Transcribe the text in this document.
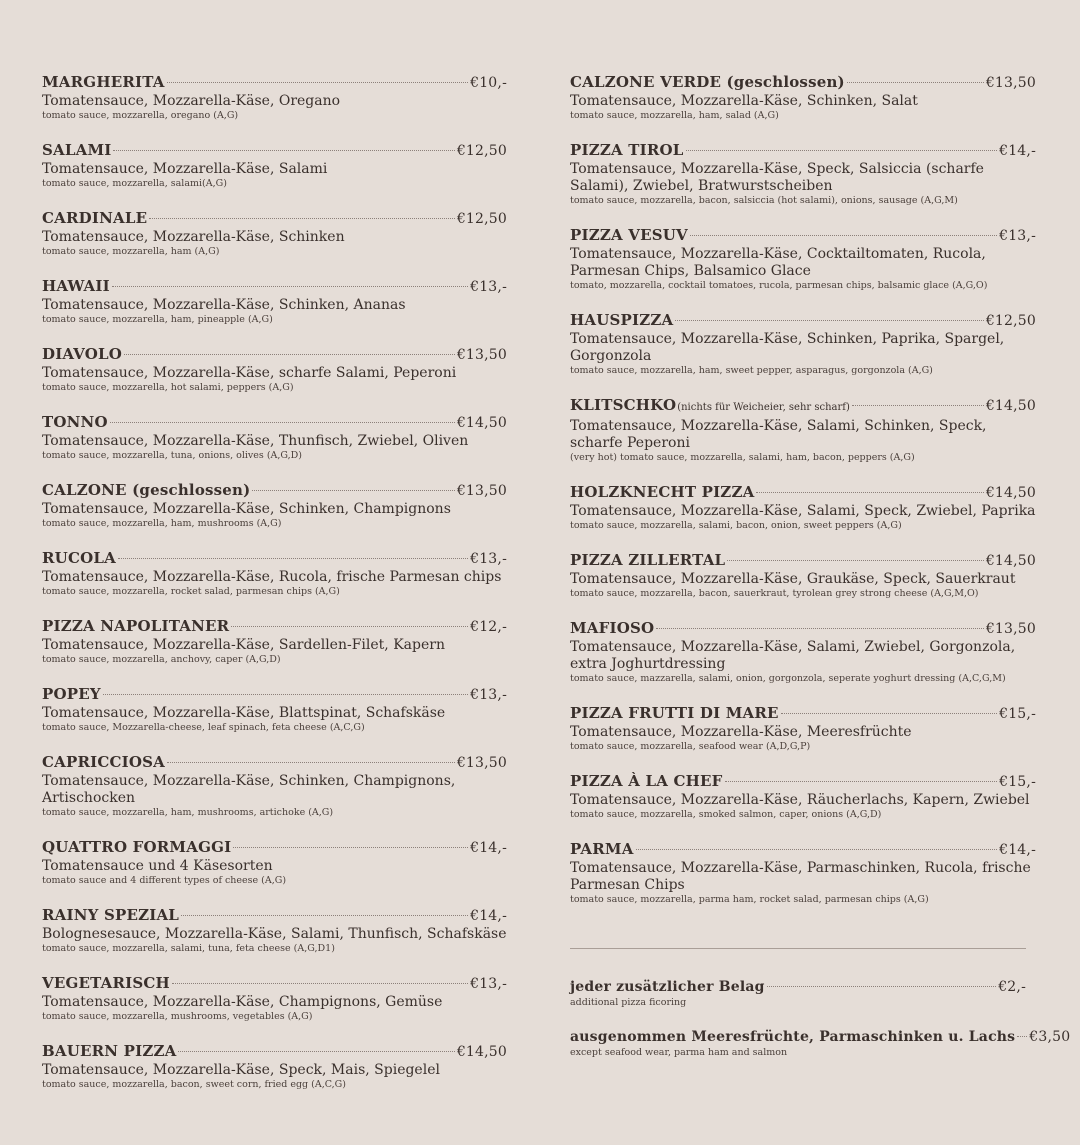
MARGHERITA	€10,-
Tomatensauce, Mozzarella-Käse, Oregano
tomato sauce, mozzarella, oregano (A,G)
SALAMI	€12,50
Tomatensauce, Mozzarella-Käse, Salami
tomato sauce, mozzarella, salami(A,G)
CARDINALE	€12,50
Tomatensauce, Mozzarella-Käse, Schinken
tomato sauce, mozzarella, ham (A,G)
HAWAII	€13,-
Tomatensauce, Mozzarella-Käse, Schinken, Ananas
tomato sauce, mozzarella, ham, pineapple (A,G)
DIAVOLO	€13,50
Tomatensauce, Mozzarella-Käse, scharfe Salami, Peperoni
tomato sauce, mozzarella, hot salami, peppers (A,G)
TONNO	€14,50
Tomatensauce, Mozzarella-Käse, Thunfisch, Zwiebel, Oliven
tomato sauce, mozzarella, tuna, onions, olives (A,G,D)
CALZONE (geschlossen)	€13,50
Tomatensauce, Mozzarella-Käse, Schinken, Champignons
tomato sauce, mozzarella, ham, mushrooms (A,G)
RUCOLA	€13,-
Tomatensauce, Mozzarella-Käse, Rucola, frische Parmesan chips
tomato sauce, mozzarella, rocket salad, parmesan chips (A,G)
PIZZA NAPOLITANER	€12,-
Tomatensauce, Mozzarella-Käse, Sardellen-Filet, Kapern
tomato sauce, mozzarella, anchovy, caper (A,G,D)
POPEY	€13,-
Tomatensauce, Mozzarella-Käse, Blattspinat, Schafskäse
tomato sauce, Mozzarella-cheese, leaf spinach, feta cheese (A,C,G)
CAPRICCIOSA	€13,50
Tomatensauce, Mozzarella-Käse, Schinken, Champignons, Artischocken
tomato sauce, mozzarella, ham, mushrooms, artichoke (A,G)
QUATTRO FORMAGGI	€14,-
Tomatensauce und 4 Käsesorten
tomato sauce and 4 different types of cheese (A,G)
RAINY SPEZIAL	€14,-
Bolognesesauce, Mozzarella-Käse, Salami, Thunfisch, Schafskäse
tomato sauce, mozzarella, salami, tuna, feta cheese (A,G,D1)
VEGETARISCH	€13,-
Tomatensauce, Mozzarella-Käse, Champignons, Gemüse
tomato sauce, mozzarella, mushrooms, vegetables (A,G)
BAUERN PIZZA	€14,50
Tomatensauce, Mozzarella-Käse, Speck, Mais, Spiegelel
tomato sauce, mozzarella, bacon, sweet corn, fried egg (A,C,G)
CALZONE VERDE (geschlossen)	€13,50
Tomatensauce, Mozzarella-Käse, Schinken, Salat
tomato sauce, mozzarella, ham, salad (A,G)
PIZZA TIROL	€14,-
Tomatensauce, Mozzarella-Käse, Speck, Salsiccia (scharfe Salami), Zwiebel, Bratwurstscheiben
tomato sauce, mozzarella, bacon, salsiccia (hot salami), onions, sausage (A,G,M)
PIZZA VESUV	€13,-
Tomatensauce, Mozzarella-Käse, Cocktailtomaten, Rucola, Parmesan Chips, Balsamico Glace
tomato, mozzarella, cocktail tomatoes, rucola, parmesan chips, balsamic glace (A,G,O)
HAUSPIZZA	€12,50
Tomatensauce, Mozzarella-Käse, Schinken, Paprika, Spargel, Gorgonzola
tomato sauce, mozzarella, ham, sweet pepper, asparagus, gorgonzola (A,G)
KLITSCHKO (nichts für Weicheier, sehr scharf)	€14,50
Tomatensauce, Mozzarella-Käse, Salami, Schinken, Speck, scharfe Peperoni
(very hot) tomato sauce, mozzarella, salami, ham, bacon, peppers (A,G)
HOLZKNECHT PIZZA	€14,50
Tomatensauce, Mozzarella-Käse, Salami, Speck, Zwiebel, Paprika
tomato sauce, mozzarella, salami, bacon, onion, sweet peppers (A,G)
PIZZA ZILLERTAL	€14,50
Tomatensauce, Mozzarella-Käse, Graukäse, Speck, Sauerkraut
tomato sauce, mozzarella, bacon, sauerkraut, tyrolean grey strong cheese (A,G,M,O)
MAFIOSO	€13,50
Tomatensauce, Mozzarella-Käse, Salami, Zwiebel, Gorgonzola, extra Joghurtdressing
tomato sauce, mazzarella, salami, onion, gorgonzola, seperate yoghurt dressing (A,C,G,M)
PIZZA FRUTTI DI MARE	€15,-
Tomatensauce, Mozzarella-Käse, Meeresfrüchte
tomato sauce, mozzarella, seafood wear (A,D,G,P)
PIZZA À LA CHEF	€15,-
Tomatensauce, Mozzarella-Käse, Räucherlachs, Kapern, Zwiebel
tomato sauce, mozzarella, smoked salmon, caper, onions (A,G,D)
PARMA	€14,-
Tomatensauce, Mozzarella-Käse, Parmaschinken, Rucola, frische Parmesan Chips
tomato sauce, mozzarella, parma ham, rocket salad, parmesan chips (A,G)
jeder zusätzlicher Belag	€2,-
additional pizza ficoring
ausgenommen Meeresfrüchte, Parmaschinken u. Lachs €3,50
except seafood wear, parma ham and salmon
